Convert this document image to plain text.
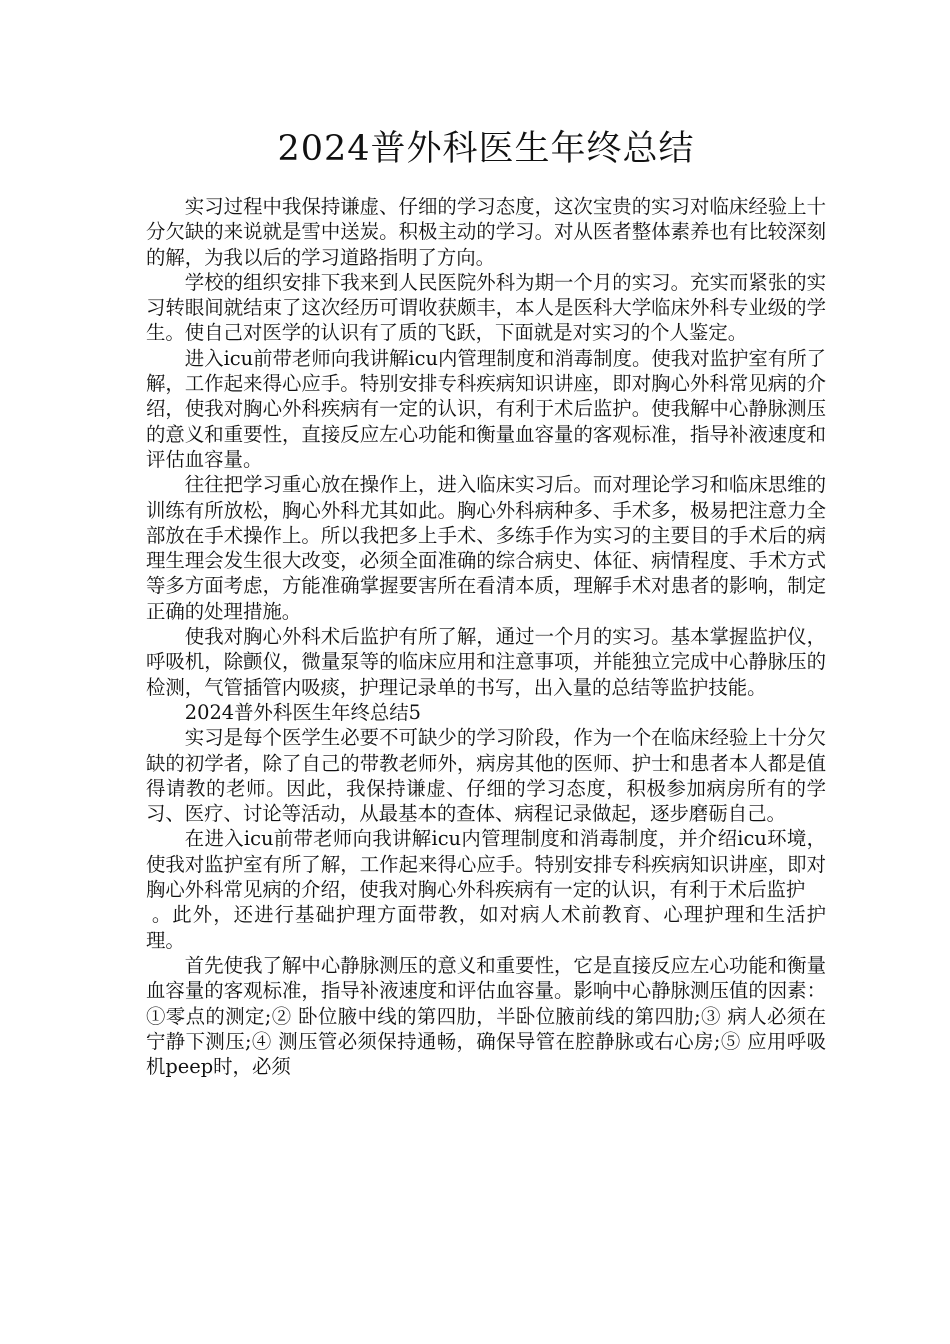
2024普外科医生年终总结

实习过程中我保持谦虚、仔细的学习态度，这次宝贵的实习对临床经验上十分欠缺的来说就是雪中送炭。积极主动的学习。对从医者整体素养也有比较深刻的解，为我以后的学习道路指明了方向。

学校的组织安排下我来到人民医院外科为期一个月的实习。充实而紧张的实习转眼间就结束了这次经历可谓收获颇丰，本人是医科大学临床外科专业级的学生。使自己对医学的认识有了质的飞跃，下面就是对实习的个人鉴定。

进入icu前带老师向我讲解icu内管理制度和消毒制度。使我对监护室有所了解，工作起来得心应手。特别安排专科疾病知识讲座，即对胸心外科常见病的介绍，使我对胸心外科疾病有一定的认识，有利于术后监护。使我解中心静脉测压的意义和重要性，直接反应左心功能和衡量血容量的客观标准，指导补液速度和评估血容量。

往往把学习重心放在操作上，进入临床实习后。而对理论学习和临床思维的训练有所放松，胸心外科尤其如此。胸心外科病种多、手术多，极易把注意力全部放在手术操作上。所以我把多上手术、多练手作为实习的主要目的手术后的病理生理会发生很大改变，必须全面准确的综合病史、体征、病情程度、手术方式等多方面考虑，方能准确掌握要害所在看清本质，理解手术对患者的影响，制定正确的处理措施。

使我对胸心外科术后监护有所了解，通过一个月的实习。基本掌握监护仪，呼吸机，除颤仪，微量泵等的临床应用和注意事项，并能独立完成中心静脉压的检测，气管插管内吸痰，护理记录单的书写，出入量的总结等监护技能。

2024普外科医生年终总结5

实习是每个医学生必要不可缺少的学习阶段，作为一个在临床经验上十分欠缺的初学者，除了自己的带教老师外，病房其他的医师、护士和患者本人都是值得请教的老师。因此，我保持谦虚、仔细的学习态度，积极参加病房所有的学习、医疗、讨论等活动，从最基本的查体、病程记录做起，逐步磨砺自己。

在进入icu前带老师向我讲解icu内管理制度和消毒制度，并介绍icu环境，使我对监护室有所了解，工作起来得心应手。特别安排专科疾病知识讲座，即对胸心外科常见病的介绍，使我对胸心外科疾病有一定的认识，有利于术后监护

。此外，还进行基础护理方面带教，如对病人术前教育、心理护理和生活护理。

首先使我了解中心静脉测压的意义和重要性，它是直接反应左心功能和衡量血容量的客观标准，指导补液速度和评估血容量。影响中心静脉测压值的因素：①零点的测定;② 卧位腋中线的第四肋，半卧位腋前线的第四肋;③ 病人必须在宁静下测压;④ 测压管必须保持通畅，确保导管在腔静脉或右心房;⑤ 应用呼吸机peep时，必须
